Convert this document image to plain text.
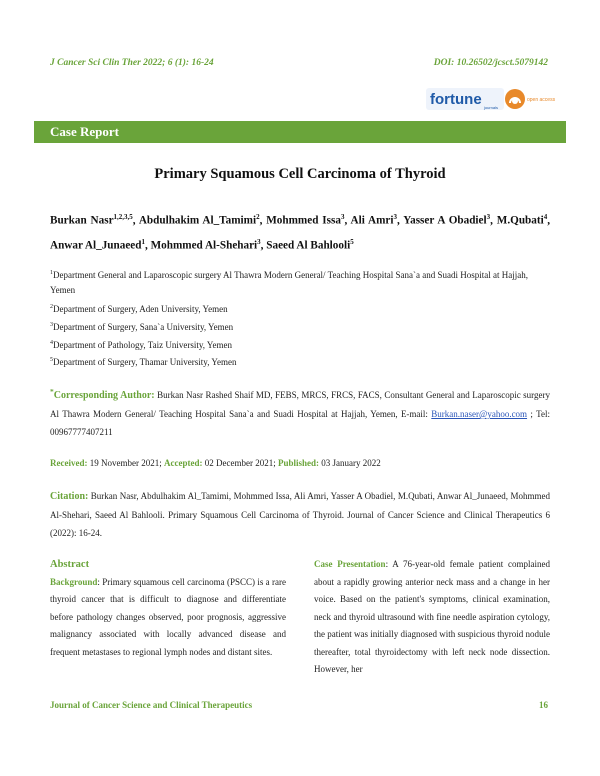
J Cancer Sci Clin Ther 2022; 6 (1): 16-24	DOI: 10.26502/jcsct.5079142
fortune journals
open access
Case Report
Primary Squamous Cell Carcinoma of Thyroid
Burkan Nasr$^{1,2,3,5}$, Abdulhakim Al_Tamimi$^2$, Mohmmed Issa$^3$, Ali Amri$^3$, Yasser A Obadiel$^3$, M.Qubati$^4$, Anwar Al_Junaeed$^1$, Mohmmed Al-Shehari$^3$, Saeed Al Bahlooli$^5$
$^1$Department General and Laparoscopic surgery Al Thawra Modern General/ Teaching Hospital Sana`a and Suadi Hospital at Hajjah, Yemen
$^2$Department of Surgery, Aden University, Yemen
$^3$Department of Surgery, Sana`a University, Yemen
$^4$Department of Pathology, Taiz University, Yemen
$^5$Department of Surgery, Thamar University, Yemen
*Corresponding Author: Burkan Nasr Rashed Shaif MD, FEBS, MRCS, FRCS, FACS, Consultant General and Laparoscopic surgery Al Thawra Modern General/ Teaching Hospital Sana`a and Suadi Hospital at Hajjah, Yemen, E-mail: Burkan.naser@yahoo.com ; Tel: 00967777407211
Received: 19 November 2021; Accepted: 02 December 2021; Published: 03 January 2022
Citation: Burkan Nasr, Abdulhakim Al_Tamimi, Mohmmed Issa, Ali Amri, Yasser A Obadiel, M.Qubati, Anwar Al_Junaeed, Mohmmed Al-Shehari, Saeed Al Bahlooli. Primary Squamous Cell Carcinoma of Thyroid. Journal of Cancer Science and Clinical Therapeutics 6 (2022): 16-24.
Abstract
Background: Primary squamous cell carcinoma (PSCC) is a rare thyroid cancer that is difficult to diagnose and differentiate before pathology changes observed, poor prognosis, aggressive malignancy associated with locally advanced disease and frequent metastases to regional lymph nodes and distant sites.
Case Presentation: A 76-year-old female patient complained about a rapidly growing anterior neck mass and a change in her voice. Based on the patient's symptoms, clinical examination, neck and thyroid ultrasound with fine needle aspiration cytology, the patient was initially diagnosed with suspicious thyroid nodule thereafter, total thyroidectomy with left neck node dissection. However, her
Journal of Cancer Science and Clinical Therapeutics	16
